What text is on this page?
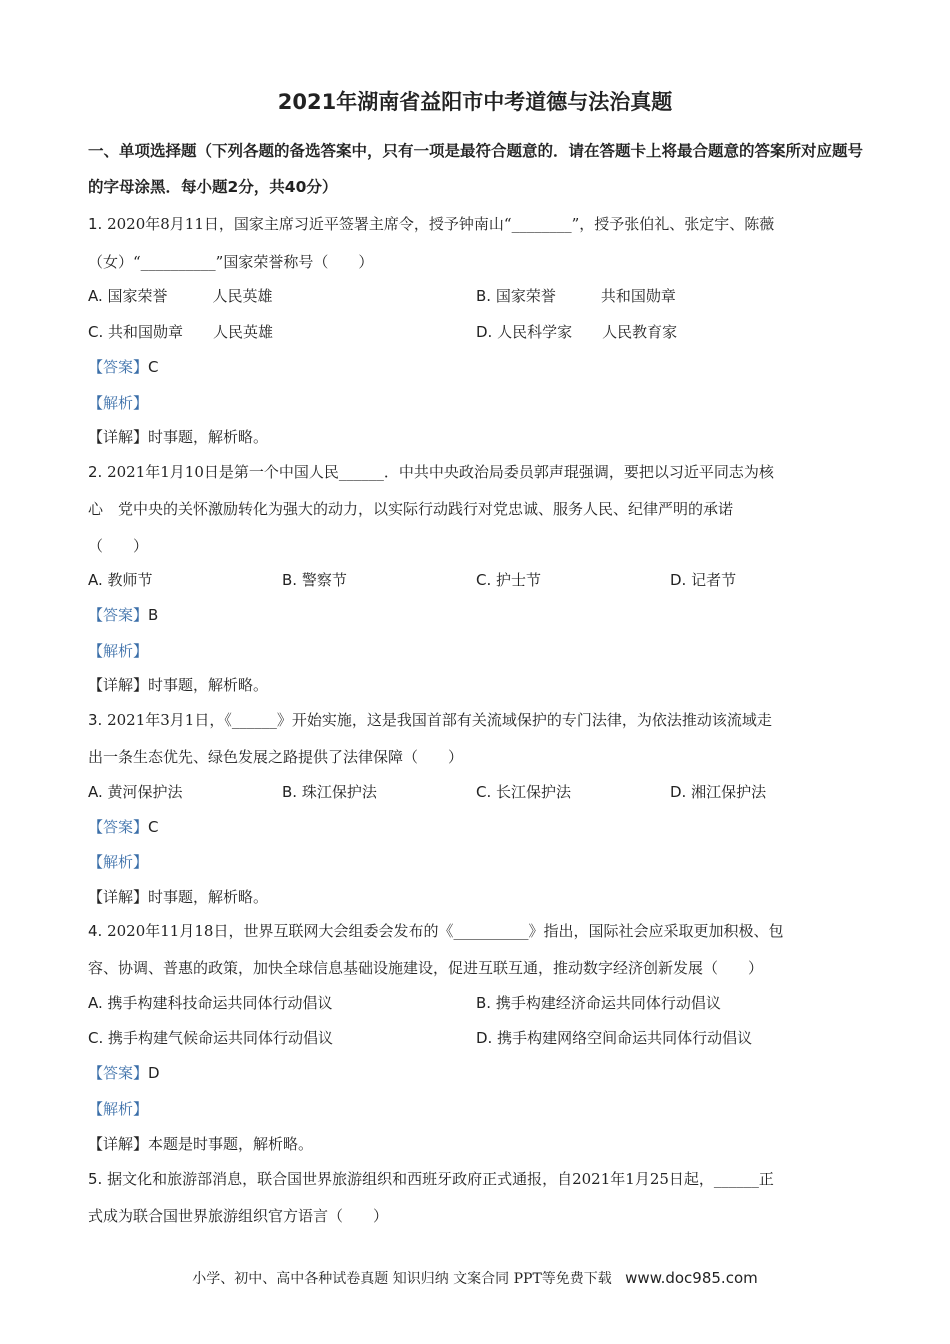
2021年湖南省益阳市中考道德与法治真题
一、单项选择题（下列各题的备选答案中，只有一项是最符合题意的．请在答题卡上将最合题意的答案所对应题号的字母涂黑．每小题2分，共40分）
1. 2020年8月11日，国家主席习近平签署主席令，授予钟南山“________”，授予张伯礼、张定宇、陈薇
（女）“__________”国家荣誉称号（　　）
A. 国家荣誉　　　人民英雄	B. 国家荣誉　　　共和国勋章
C. 共和国勋章　　人民英雄	D. 人民科学家　　人民教育家
【答案】C
【解析】
【详解】时事题，解析略。
2. 2021年1月10日是第一个中国人民______．中共中央政治局委员郭声琨强调，要把以习近平同志为核
心　党中央的关怀激励转化为强大的动力，以实际行动践行对党忠诚、服务人民、纪律严明的承诺
（　　）
A. 教师节	B. 警察节	C. 护士节	D. 记者节
【答案】B
【解析】
【详解】时事题，解析略。
3. 2021年3月1日，《______》开始实施，这是我国首部有关流域保护的专门法律，为依法推动该流域走
出一条生态优先、绿色发展之路提供了法律保障（　　）
A. 黄河保护法	B. 珠江保护法	C. 长江保护法	D. 湘江保护法
【答案】C
【解析】
【详解】时事题，解析略。
4. 2020年11月18日，世界互联网大会组委会发布的《__________》指出，国际社会应采取更加积极、包
容、协调、普惠的政策，加快全球信息基础设施建设，促进互联互通，推动数字经济创新发展（　　）
A. 携手构建科技命运共同体行动倡议	B. 携手构建经济命运共同体行动倡议
C. 携手构建气候命运共同体行动倡议	D. 携手构建网络空间命运共同体行动倡议
【答案】D
【解析】
【详解】本题是时事题，解析略。
5. 据文化和旅游部消息，联合国世界旅游组织和西班牙政府正式通报，自2021年1月25日起，______正
式成为联合国世界旅游组织官方语言（　　）
小学、初中、高中各种试卷真题 知识归纳 文案合同 PPT等免费下载 www.doc985.com
